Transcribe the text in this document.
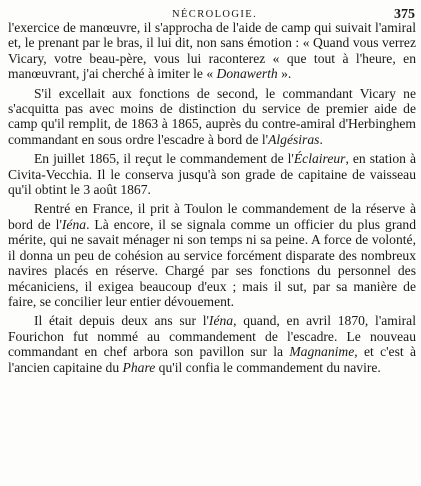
NÉCROLOGIE.	375

l'exercice de manœuvre, il s'approcha de l'aide de camp qui suivait l'amiral et, le prenant par le bras, il lui dit, non sans émotion : « Quand vous verrez Vicary, votre beau-père, vous lui raconterez « que tout à l'heure, en manœuvrant, j'ai cherché à imiter le « Donawerth ».

S'il excellait aux fonctions de second, le commandant Vicary ne s'acquitta pas avec moins de distinction du service de premier aide de camp qu'il remplit, de 1863 à 1865, auprès du contre-amiral d'Herbinghem commandant en sous ordre l'escadre à bord de l'Algésiras.

En juillet 1865, il reçut le commandement de l'Éclaireur, en station à Civita-Vecchia. Il le conserva jusqu'à son grade de capitaine de vaisseau qu'il obtint le 3 août 1867.

Rentré en France, il prit à Toulon le commandement de la réserve à bord de l'Iéna. Là encore, il se signala comme un officier du plus grand mérite, qui ne savait ménager ni son temps ni sa peine. A force de volonté, il donna un peu de cohésion au service forcément disparate des nombreux navires placés en réserve. Chargé par ses fonctions du personnel des mécaniciens, il exigea beaucoup d'eux ; mais il sut, par sa manière de faire, se concilier leur entier dévouement.

Il était depuis deux ans sur l'Iéna, quand, en avril 1870, l'amiral Fourichon fut nommé au commandement de l'escadre. Le nouveau commandant en chef arbora son pavillon sur la Magnanime, et c'est à l'ancien capitaine du Phare qu'il confia le commandement du navire.
